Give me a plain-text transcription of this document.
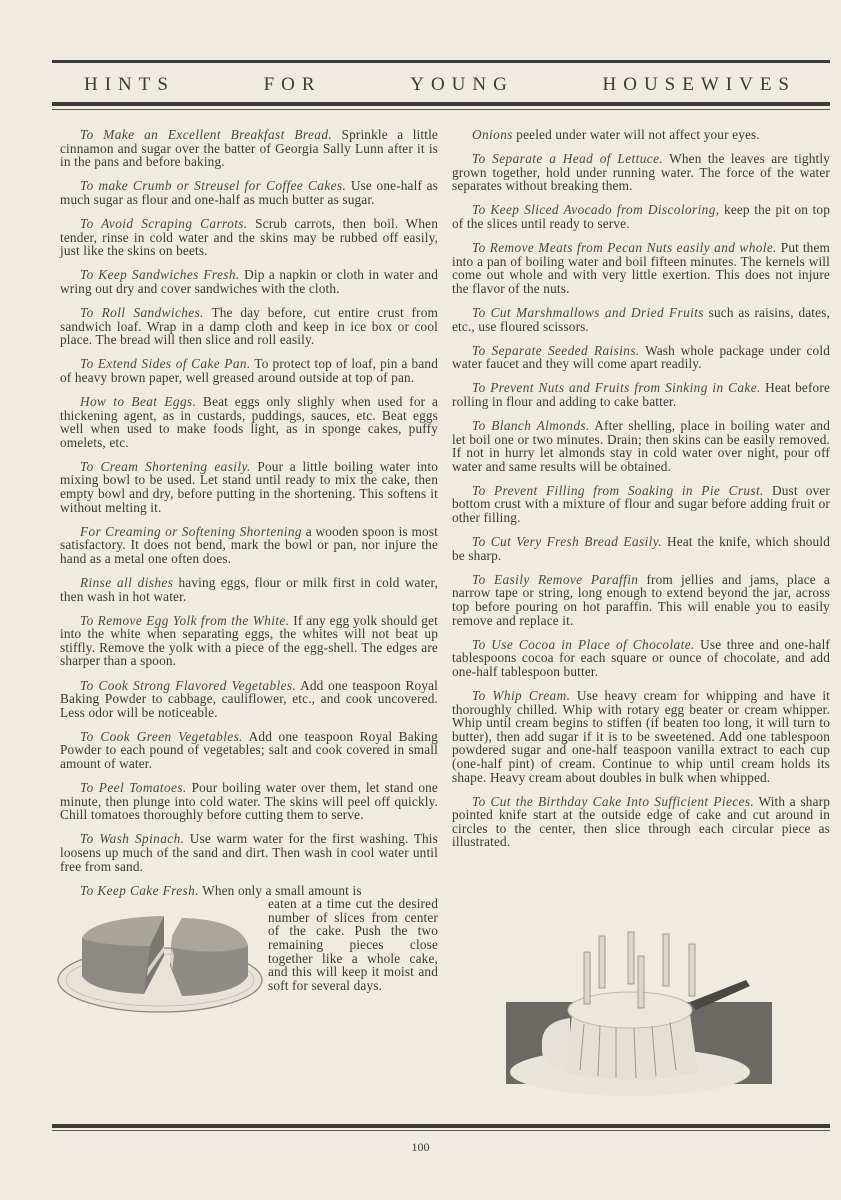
HINTS	FOR	YOUNG	HOUSEWIVES

To Make an Excellent Breakfast Bread. Sprinkle a little cinnamon and sugar over the batter of Georgia Sally Lunn after it is in the pans and before baking.

To make Crumb or Streusel for Coffee Cakes. Use one-half as much sugar as flour and one-half as much butter as sugar.

To Avoid Scraping Carrots. Scrub carrots, then boil. When tender, rinse in cold water and the skins may be rubbed off easily, just like the skins on beets.

To Keep Sandwiches Fresh. Dip a napkin or cloth in water and wring out dry and cover sandwiches with the cloth.

To Roll Sandwiches. The day before, cut entire crust from sandwich loaf. Wrap in a damp cloth and keep in ice box or cool place. The bread will then slice and roll easily.

To Extend Sides of Cake Pan. To protect top of loaf, pin a band of heavy brown paper, well greased around outside at top of pan.

How to Beat Eggs. Beat eggs only slighly when used for a thickening agent, as in custards, puddings, sauces, etc. Beat eggs well when used to make foods light, as in sponge cakes, puffy omelets, etc.

To Cream Shortening easily. Pour a little boiling water into mixing bowl to be used. Let stand until ready to mix the cake, then empty bowl and dry, before putting in the shortening. This softens it without melting it.

For Creaming or Softening Shortening a wooden spoon is most satisfactory. It does not bend, mark the bowl or pan, nor injure the hand as a metal one often does.

Rinse all dishes having eggs, flour or milk first in cold water, then wash in hot water.

To Remove Egg Yolk from the White. If any egg yolk should get into the white when separating eggs, the whites will not beat up stiffly. Remove the yolk with a piece of the egg-shell. The edges are sharper than a spoon.

To Cook Strong Flavored Vegetables. Add one teaspoon Royal Baking Powder to cabbage, cauliflower, etc., and cook uncovered. Less odor will be noticeable.

To Cook Green Vegetables. Add one teaspoon Royal Baking Powder to each pound of vegetables; salt and cook covered in small amount of water.

To Peel Tomatoes. Pour boiling water over them, let stand one minute, then plunge into cold water. The skins will peel off quickly. Chill tomatoes thoroughly before cutting them to serve.

To Wash Spinach. Use warm water for the first washing. This loosens up much of the sand and dirt. Then wash in cool water until free from sand.

To Keep Cake Fresh. When only a small amount is

eaten at a time cut the desired number of slices from center of the cake. Push the two remaining pieces close together like a whole cake, and this will keep it moist and soft for several days.

Onions peeled under water will not affect your eyes.

To Separate a Head of Lettuce. When the leaves are tightly grown together, hold under running water. The force of the water separates without breaking them.

To Keep Sliced Avocado from Discoloring, keep the pit on top of the slices until ready to serve.

To Remove Meats from Pecan Nuts easily and whole. Put them into a pan of boiling water and boil fifteen minutes. The kernels will come out whole and with very little exertion. This does not injure the flavor of the nuts.

To Cut Marshmallows and Dried Fruits such as raisins, dates, etc., use floured scissors.

To Separate Seeded Raisins. Wash whole package under cold water faucet and they will come apart readily.

To Prevent Nuts and Fruits from Sinking in Cake. Heat before rolling in flour and adding to cake batter.

To Blanch Almonds. After shelling, place in boiling water and let boil one or two minutes. Drain; then skins can be easily removed. If not in hurry let almonds stay in cold water over night, pour off water and same results will be obtained.

To Prevent Filling from Soaking in Pie Crust. Dust over bottom crust with a mixture of flour and sugar before adding fruit or other filling.

To Cut Very Fresh Bread Easily. Heat the knife, which should be sharp.

To Easily Remove Paraffin from jellies and jams, place a narrow tape or string, long enough to extend beyond the jar, across top before pouring on hot paraffin. This will enable you to easily remove and replace it.

To Use Cocoa in Place of Chocolate. Use three and one-half tablespoons cocoa for each square or ounce of chocolate, and add one-half tablespoon butter.

To Whip Cream. Use heavy cream for whipping and have it thoroughly chilled. Whip with rotary egg beater or cream whipper. Whip until cream begins to stiffen (if beaten too long, it will turn to butter), then add sugar if it is to be sweetened. Add one tablespoon powdered sugar and one-half teaspoon vanilla extract to each cup (one-half pint) of cream. Continue to whip until cream holds its shape. Heavy cream about doubles in bulk when whipped.

To Cut the Birthday Cake Into Sufficient Pieces. With a sharp pointed knife start at the outside edge of cake and cut around in circles to the center, then slice through each circular piece as illustrated.

100
